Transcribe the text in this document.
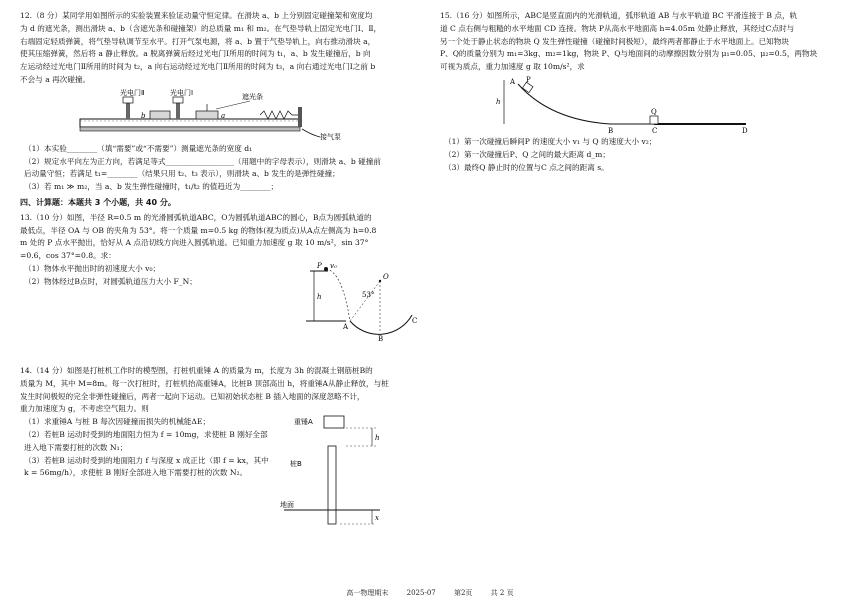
12.（8 分）某同学用如图所示的实验装置来验证动量守恒定律。在滑块 a、b 上分别固定碰撞架和宽度均

为 d 的遮光条，测出滑块 a、b（含遮光条和碰撞架）的总质量 m₁ 和 m₂。在气垫导轨上固定光电门Ⅰ、Ⅱ，

右端固定轻质弹簧，将气垫导轨调节至水平。打开气泵电源，将 a、b 置于气垫导轨上，向右推动滑块 a，

使其压缩弹簧，然后将 a 静止释放。a 脱离弹簧后经过光电门Ⅰ所用的时间为 t₁，a、b 发生碰撞后，b 向

左运动经过光电门Ⅱ所用的时间为 t₂，a 向右运动经过光电门Ⅱ所用的时间为 t₃，a 向右通过光电门Ⅰ之前 b

不会与 a 再次碰撞。

光电门Ⅱ	光电门Ⅰ
b	a
遮光条
接气泵

（1）本实验________（填“需要”或“不需要”）测量遮光条的宽度 d₁

（2）规定水平向左为正方向，若满足等式__________________（用题中的字母表示），则滑块 a、b 碰撞前

后动量守恒；若满足 t₁=________（结果只用 t₂、t₃ 表示），则滑块 a、b 发生的是弹性碰撞；

（3）若 m₁ ≫ m₂，当 a、b 发生弹性碰撞时，t₁/t₂ 的值趋近为________；

四、计算题：本题共 3 个小题，共 40 分。

13.（10 分）如图，半径 R=0.5 m 的光滑圆弧轨道ABC，O为圆弧轨道ABC的圆心，B点为圆弧轨道的

最低点，半径 OA 与 OB 的夹角为 53°。将一个质量 m=0.5 kg 的物体(视为质点)从A点左侧高为 h=0.8

m 处的 P 点水平抛出，恰好从 A 点沿切线方向进入圆弧轨道。已知重力加速度 g 取 10 m/s²，sin 37°

=0.6，cos 37°=0.8。求：

（1）物体水平抛出时的初速度大小 v₀；

（2）物体经过B点时，对圆弧轨道压力大小 F_N；

P v₀
h
O
53°
A
B
C

14.（14 分）如图是打桩机工作时的模型图，打桩机重锤 A 的质量为 m，长度为 3h 的混凝土钢筋桩B的

质量为 M，其中 M=8m。每一次打桩时，打桩机抬高重锤A，比桩B 顶部高出 h，将重锤A从静止释放，与桩

发生时间极短的完全非弹性碰撞后，两者一起向下运动。已知初始状态桩 B 插入地面的深度忽略不计，

重力加速度为 g，不考虑空气阻力。则

（1）求重锤A 与桩 B 每次因碰撞而损失的机械能ΔE；

（2）若桩B 运动时受到的地面阻力恒为 f = 10mg，求使桩 B 刚好全部

进入地下需要打桩的次数 N₁；

（3）若桩B 运动时受到的地面阻力 f 与深度 x 成正比（即 f = kx，其中

k = 56mg/h），求使桩 B 刚好全部进入地下需要打桩的次数 N₂。

重锤A
h
桩B
地面
x

15.（16 分）如图所示，ABC是竖直面内的光滑轨道，弧形轨道 AB 与水平轨道 BC 平滑连接于 B 点，轨

道 C 点右侧与粗糙的水平地面 CD 连接。物块 P从高水平地面高 h=4.05m 处静止释放，其经过C点时与

另一个处于静止状态的物块 Q 发生弹性碰撞（碰撞时间极短），最终两者都静止于水平地面上。已知物块

P、Q的质量分别为 m₁=3kg、m₂=1kg，物块 P、Q与地面间的动摩擦因数分别为 μ₁=0.05、μ₂=0.5，两物块

可视为质点，重力加速度 g 取 10m/s²，求

h
A P
B	C
Q
D

（1）第一次碰撞后瞬间P 的速度大小 v₁ 与 Q 的速度大小 v₂；

（2）第一次碰撞后P、Q 之间的最大距离 d_m；

（3）最终Q 静止时的位置与C 点之间的距离 s。

高一物理期末	2025-07	第2页	共 2 页
